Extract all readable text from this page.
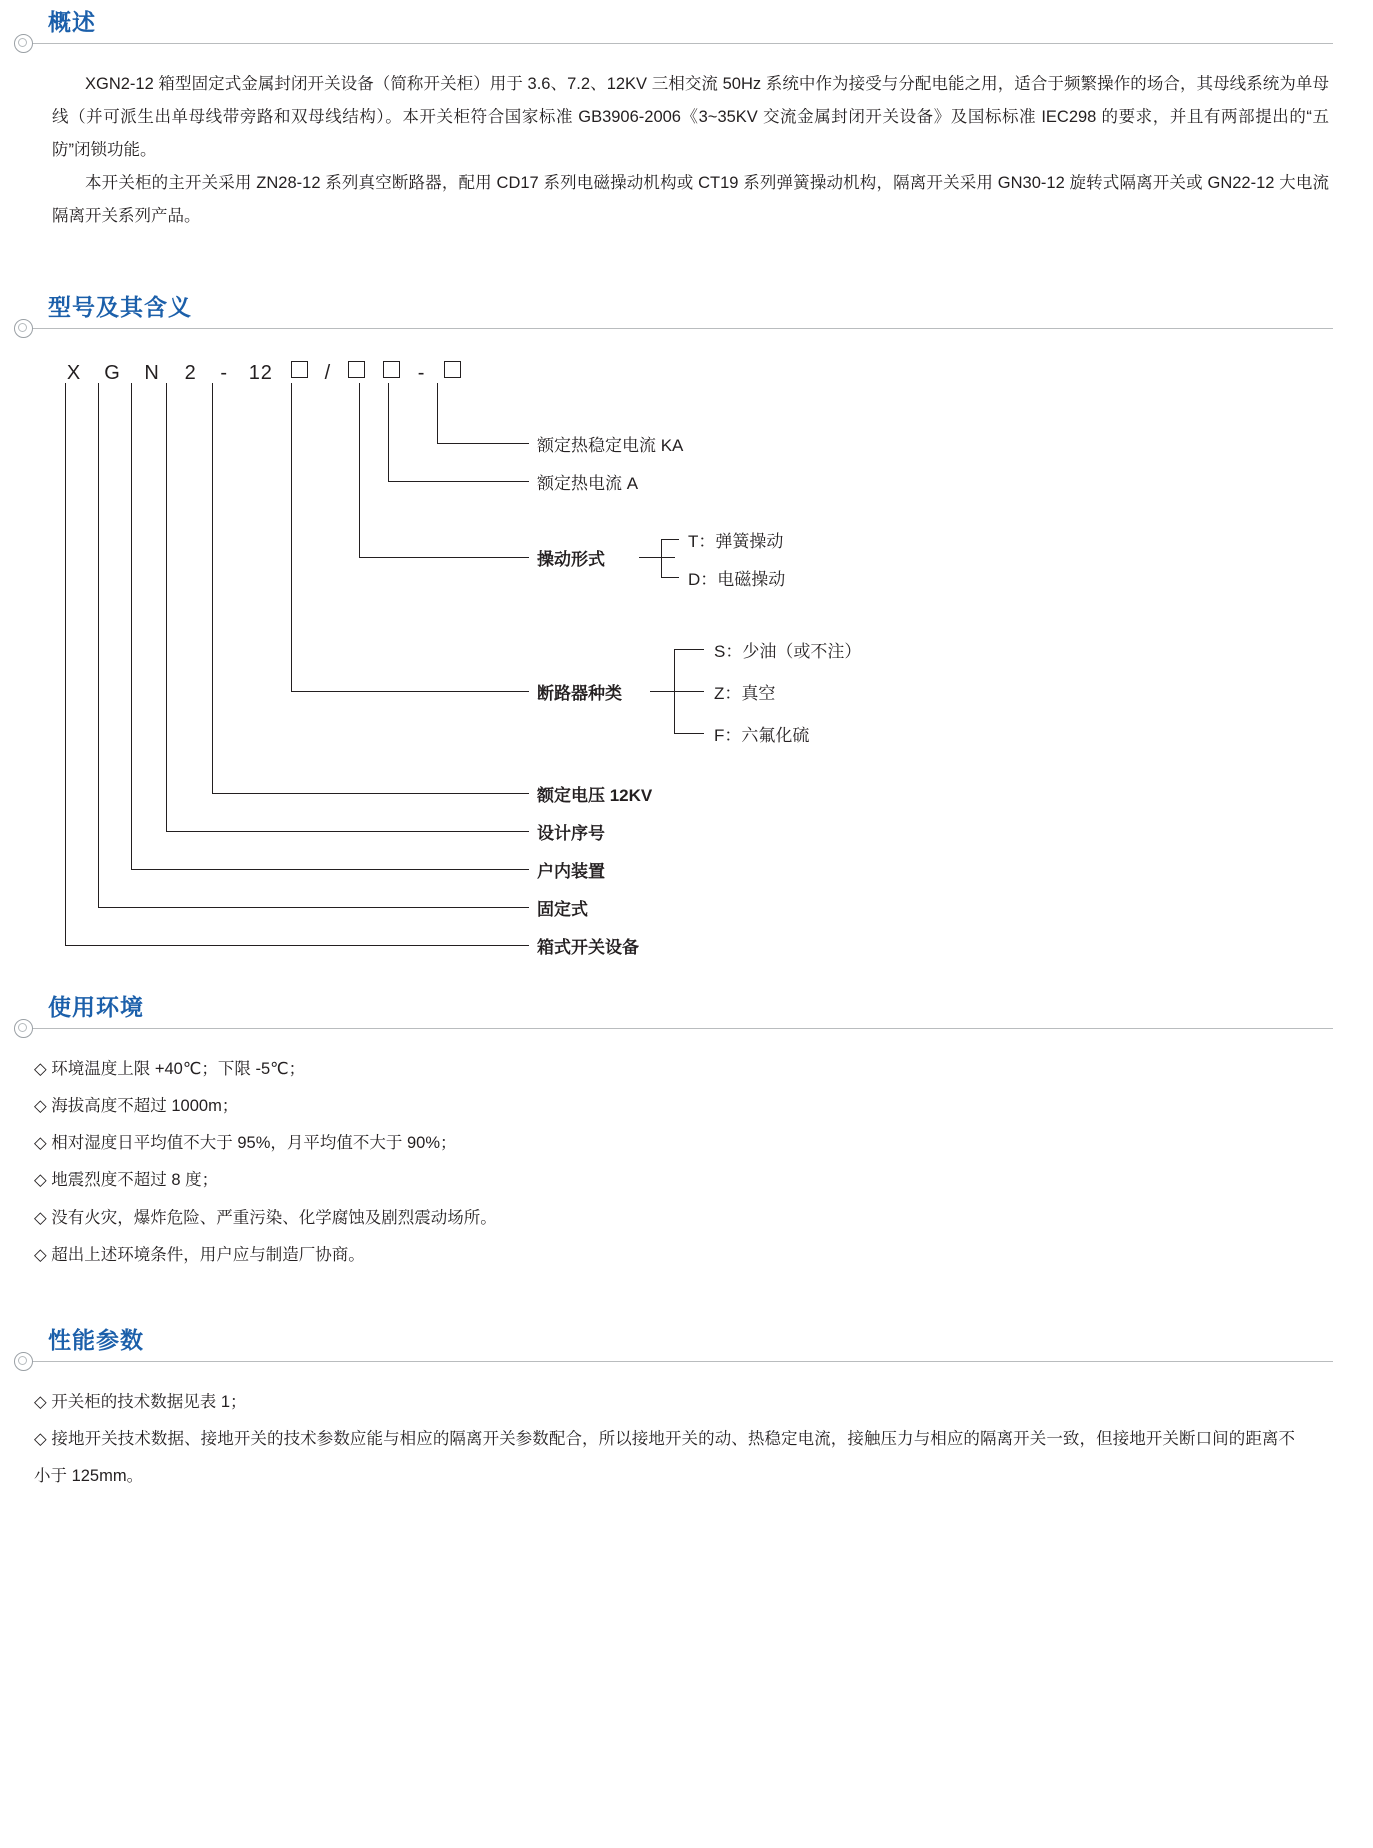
概述

XGN2-12 箱型固定式金属封闭开关设备（简称开关柜）用于 3.6、7.2、12KV 三相交流 50Hz 系统中作为接受与分配电能之用，适合于频繁操作的场合，其母线系统为单母线（并可派生出单母线带旁路和双母线结构）。本开关柜符合国家标准 GB3906-2006《3~35KV 交流金属封闭开关设备》及国标标准 IEC298 的要求，并且有两部提出的“五防”闭锁功能。

本开关柜的主开关采用 ZN28-12 系列真空断路器，配用 CD17 系列电磁操动机构或 CT19 系列弹簧操动机构，隔离开关采用 GN30-12 旋转式隔离开关或 GN22-12 大电流隔离开关系列产品。

型号及其含义
X G N 2 - 12	/	-
额定热稳定电流 KA
额定热电流 A
操动形式
T：弹簧操动
D：电磁操动
断路器种类
S：少油（或不注）
Z：真空
F：六氟化硫
额定电压 12KV
设计序号
户内装置
固定式
箱式开关设备
使用环境
◇ 环境温度上限 +40℃；下限 -5℃；
◇ 海拔高度不超过 1000m；
◇ 相对湿度日平均值不大于 95%，月平均值不大于 90%；
◇ 地震烈度不超过 8 度；
◇ 没有火灾，爆炸危险、严重污染、化学腐蚀及剧烈震动场所。
◇ 超出上述环境条件，用户应与制造厂协商。
性能参数
◇ 开关柜的技术数据见表 1；
◇ 接地开关技术数据、接地开关的技术参数应能与相应的隔离开关参数配合，所以接地开关的动、热稳定电流，接触压力与相应的隔离开关一致，但接地开关断口间的距离不小于 125mm。
